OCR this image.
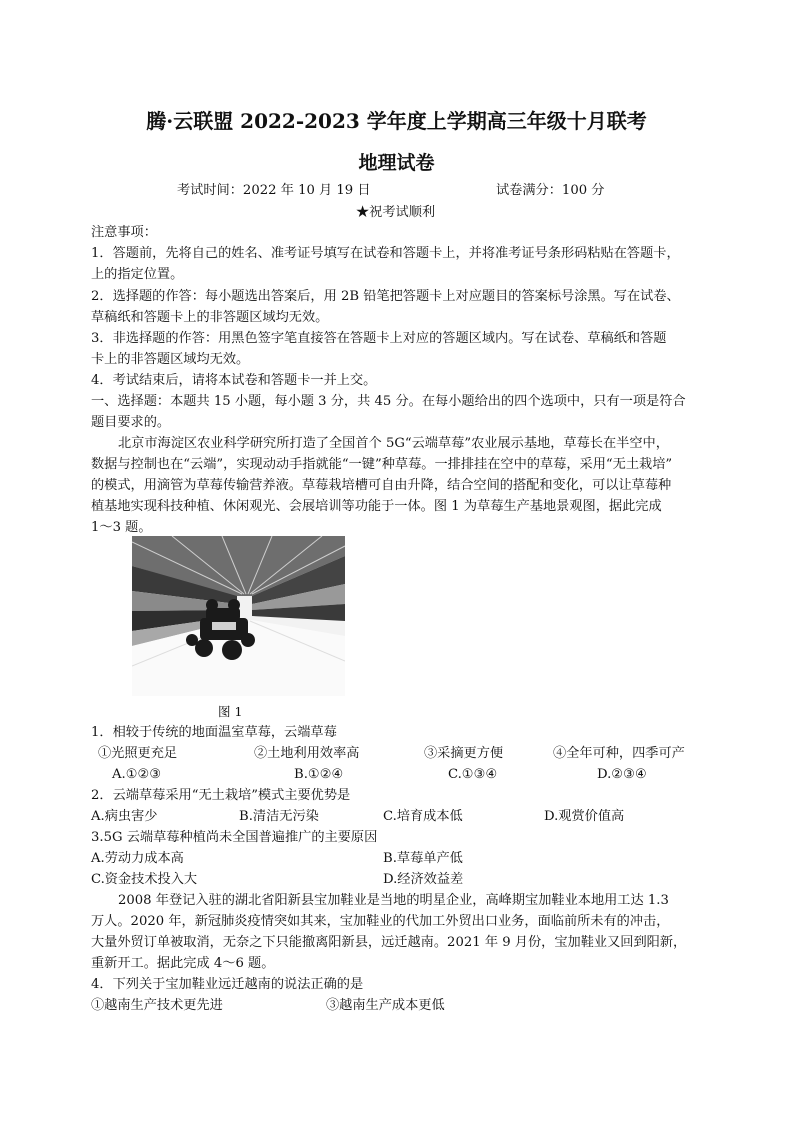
腾·云联盟 2022-2023 学年度上学期高三年级十月联考
地理试卷
考试时间：2022 年 10 月 19 日	试卷满分：100 分
★祝考试顺利
注意事项：
1．答题前，先将自己的姓名、准考证号填写在试卷和答题卡上，并将准考证号条形码粘贴在答题卡，
上的指定位置。
2．选择题的作答：每小题选出答案后，用 2B 铅笔把答题卡上对应题目的答案标号涂黑。写在试卷、
草稿纸和答题卡上的非答题区域均无效。
3．非选择题的作答：用黑色签字笔直接答在答题卡上对应的答题区域内。写在试卷、草稿纸和答题
卡上的非答题区域均无效。
4．考试结束后，请将本试卷和答题卡一并上交。
一、选择题：本题共 15 小题，每小题 3 分，共 45 分。在每小题给出的四个选项中，只有一项是符合
题目要求的。
北京市海淀区农业科学研究所打造了全国首个 5G“云端草莓”农业展示基地，草莓长在半空中，
数据与控制也在“云端”，实现动动手指就能“一键”种草莓。一排排挂在空中的草莓，采用“无土栽培”
的模式，用滴管为草莓传输营养液。草莓栽培槽可自由升降，结合空间的搭配和变化，可以让草莓种
植基地实现科技种植、休闲观光、会展培训等功能于一体。图 1 为草莓生产基地景观图，据此完成
1～3 题。
图 1
1．相较于传统的地面温室草莓，云端草莓
①光照更充足	②土地利用效率高	③采摘更方便	④全年可种，四季可产
A.①②③	B.①②④	C.①③④	D.②③④
2．云端草莓采用“无土栽培”模式主要优势是
A.病虫害少	B.清洁无污染	C.培育成本低	D.观赏价值高
3.5G 云端草莓种植尚未全国普遍推广的主要原因
A.劳动力成本高	B.草莓单产低
C.资金技术投入大	D.经济效益差
2008 年登记入驻的湖北省阳新县宝加鞋业是当地的明星企业，高峰期宝加鞋业本地用工达 1.3
万人。2020 年，新冠肺炎疫情突如其来，宝加鞋业的代加工外贸出口业务，面临前所未有的冲击，
大量外贸订单被取消，无奈之下只能撤离阳新县，远迁越南。2021 年 9 月份，宝加鞋业又回到阳新，
重新开工。据此完成 4～6 题。
4．下列关于宝加鞋业远迁越南的说法正确的是
①越南生产技术更先进	③越南生产成本更低
